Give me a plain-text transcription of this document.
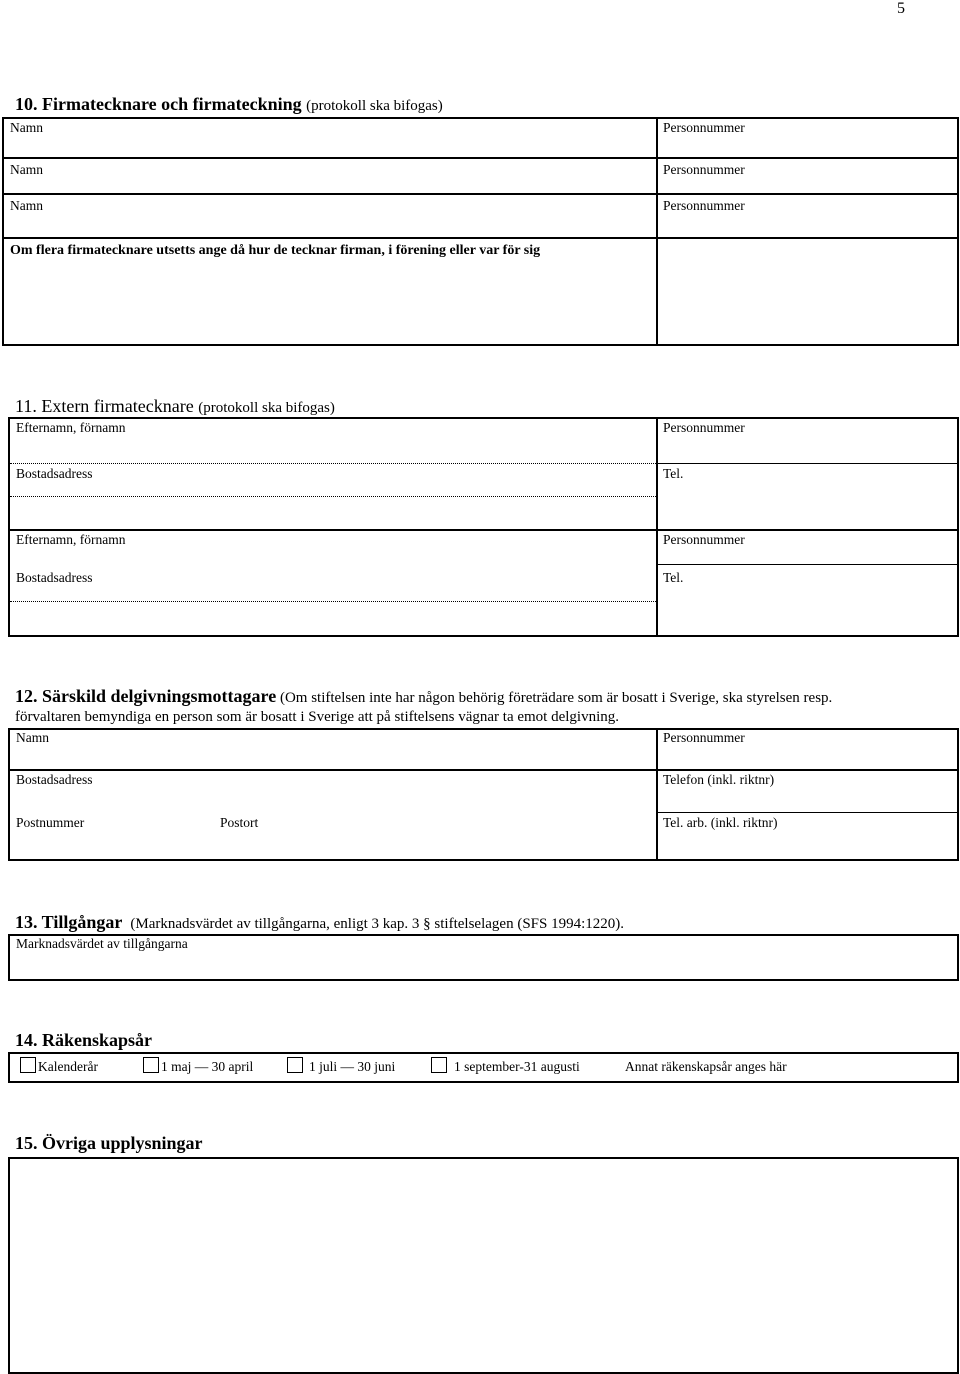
5
10. Firmatecknare och firmateckning (protokoll ska bifogas)
Namn	Personnummer
Namn	Personnummer
Namn	Personnummer
Om flera firmatecknare utsetts ange då hur de tecknar firman, i förening eller var för sig
11. Extern firmatecknare (protokoll ska bifogas)
Efternamn, förnamn	Personnummer
Bostadsadress	Tel.
Efternamn, förnamn	Personnummer
Bostadsadress	Tel.
12. Särskild delgivningsmottagare (Om stiftelsen inte har någon behörig företrädare som är bosatt i Sverige, ska styrelsen resp.
förvaltaren bemyndiga en person som är bosatt i Sverige att på stiftelsens vägnar ta emot delgivning.
Namn	Personnummer
Bostadsadress	Telefon (inkl. riktnr)
Postnummer	Postort	Tel. arb. (inkl. riktnr)
13. Tillgångar (Marknadsvärdet av tillgångarna, enligt 3 kap. 3 § stiftelselagen (SFS 1994:1220).
Marknadsvärdet av tillgångarna
14. Räkenskapsår
Kalenderår	1 maj — 30 april	1 juli — 30 juni	1 september-31 augusti	Annat räkenskapsår anges här
15. Övriga upplysningar
